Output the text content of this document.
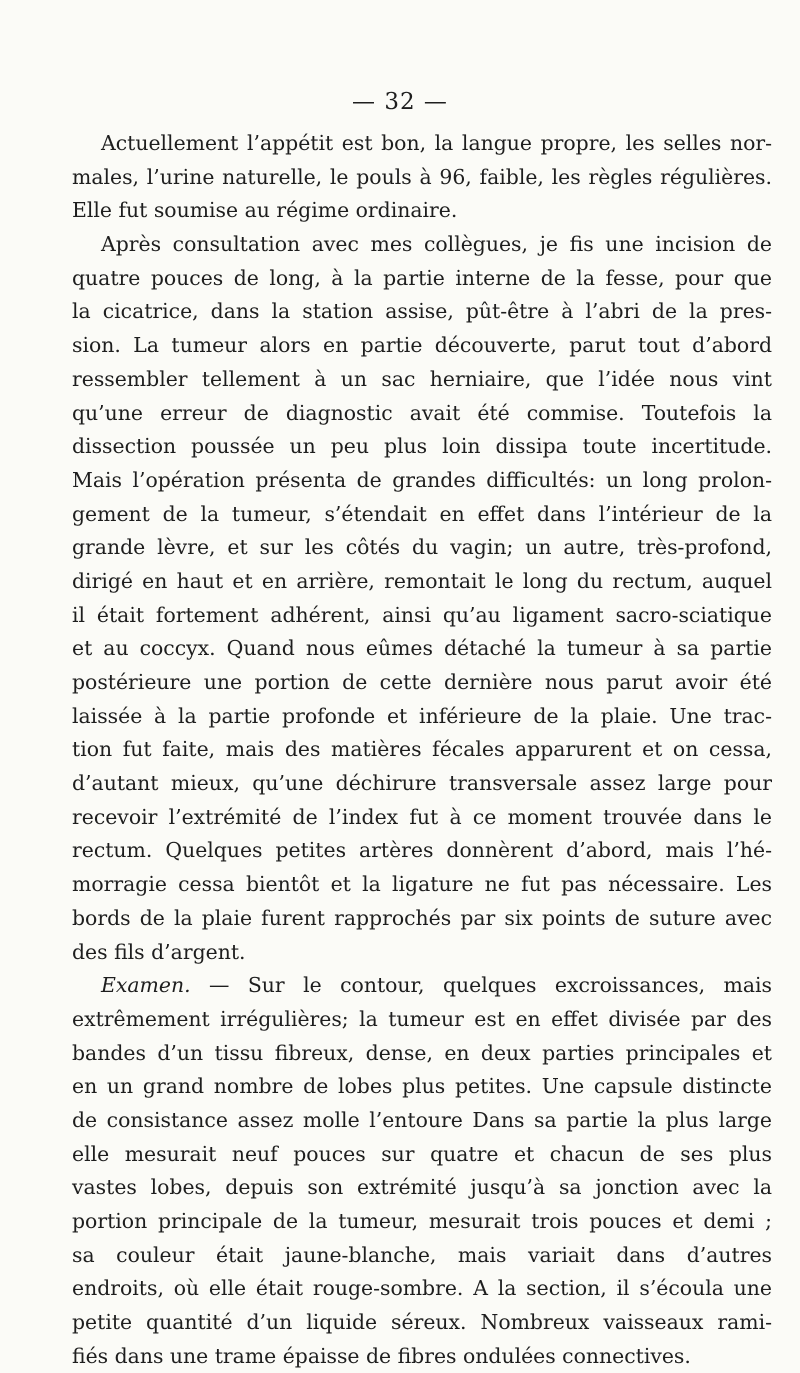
— 32 —

Actuellement l’appétit est bon, la langue propre, les selles nor-
males, l’urine naturelle, le pouls à 96, faible, les règles régulières.
Elle fut soumise au régime ordinaire.

Après consultation avec mes collègues, je fis une incision de
quatre pouces de long, à la partie interne de la fesse, pour que
la cicatrice, dans la station assise, pût-être à l’abri de la pres-
sion. La tumeur alors en partie découverte, parut tout d’abord
ressembler tellement à un sac herniaire, que l’idée nous vint
qu’une erreur de diagnostic avait été commise. Toutefois la
dissection poussée un peu plus loin dissipa toute incertitude.
Mais l’opération présenta de grandes difficultés: un long prolon-
gement de la tumeur, s’étendait en effet dans l’intérieur de la
grande lèvre, et sur les côtés du vagin; un autre, très-profond,
dirigé en haut et en arrière, remontait le long du rectum, auquel
il était fortement adhérent, ainsi qu’au ligament sacro-sciatique
et au coccyx. Quand nous eûmes détaché la tumeur à sa partie
postérieure une portion de cette dernière nous parut avoir été
laissée à la partie profonde et inférieure de la plaie. Une trac-
tion fut faite, mais des matières fécales apparurent et on cessa,
d’autant mieux, qu’une déchirure transversale assez large pour
recevoir l’extrémité de l’index fut à ce moment trouvée dans le
rectum. Quelques petites artères donnèrent d’abord, mais l’hé-
morragie cessa bientôt et la ligature ne fut pas nécessaire. Les
bords de la plaie furent rapprochés par six points de suture avec
des fils d’argent.

Examen. — Sur le contour, quelques excroissances, mais
extrêmement irrégulières; la tumeur est en effet divisée par des
bandes d’un tissu fibreux, dense, en deux parties principales et
en un grand nombre de lobes plus petites. Une capsule distincte
de consistance assez molle l’entoure Dans sa partie la plus large
elle mesurait neuf pouces sur quatre et chacun de ses plus
vastes lobes, depuis son extrémité jusqu’à sa jonction avec la
portion principale de la tumeur, mesurait trois pouces et demi ;
sa couleur était jaune-blanche, mais variait dans d’autres
endroits, où elle était rouge-sombre. A la section, il s’écoula une
petite quantité d’un liquide séreux. Nombreux vaisseaux rami-
fiés dans une trame épaisse de fibres ondulées connectives.
